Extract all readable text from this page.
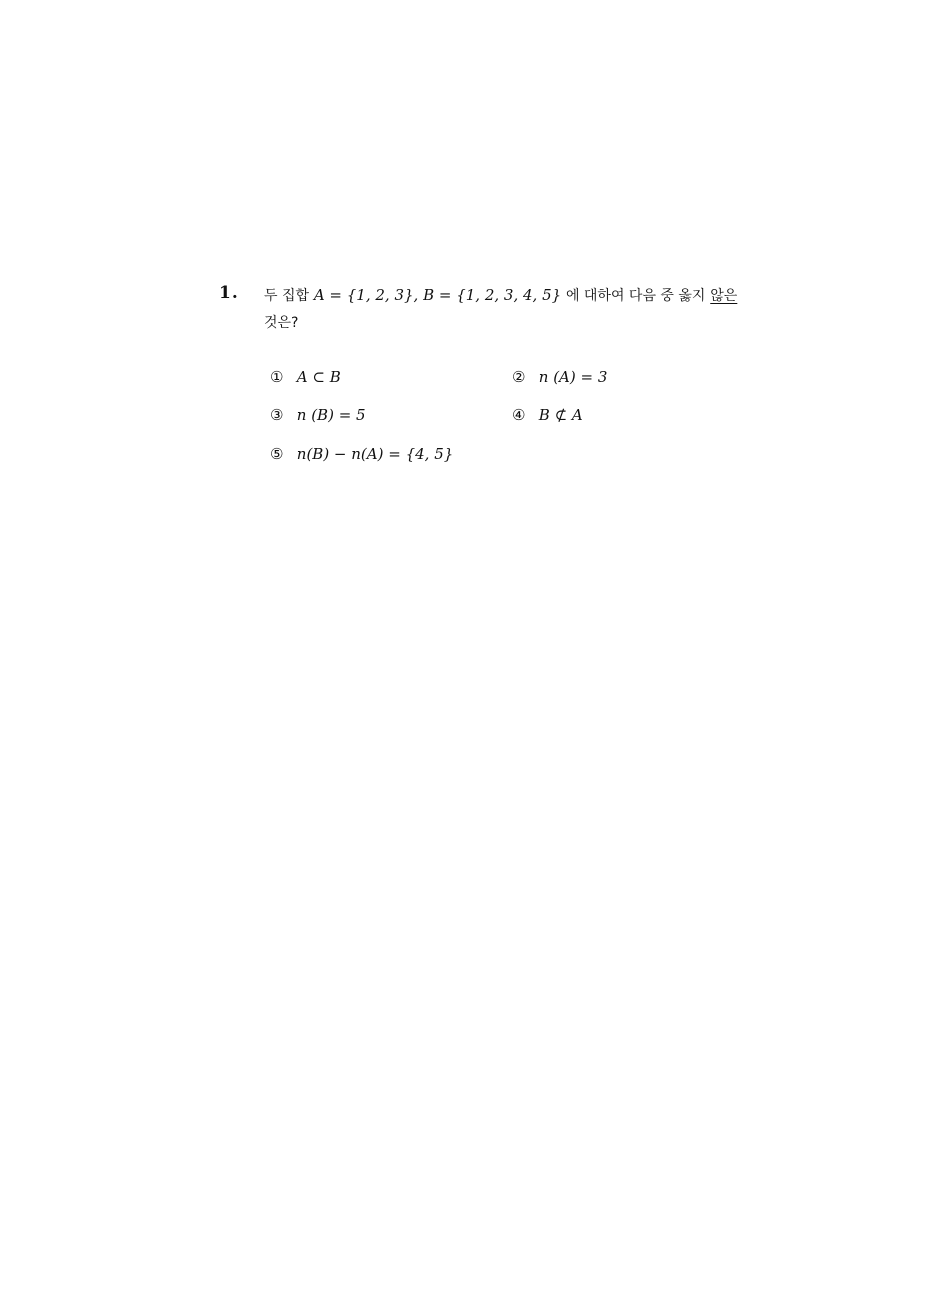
1. 두 집합 A = {1, 2, 3}, B = {1, 2, 3, 4, 5} 에 대하여 다음 중 옳지 않은
것은?
① A ⊂ B	② n (A) = 3
③ n (B) = 5	④ B ⊄ A
⑤ n(B) − n(A) = {4, 5}
